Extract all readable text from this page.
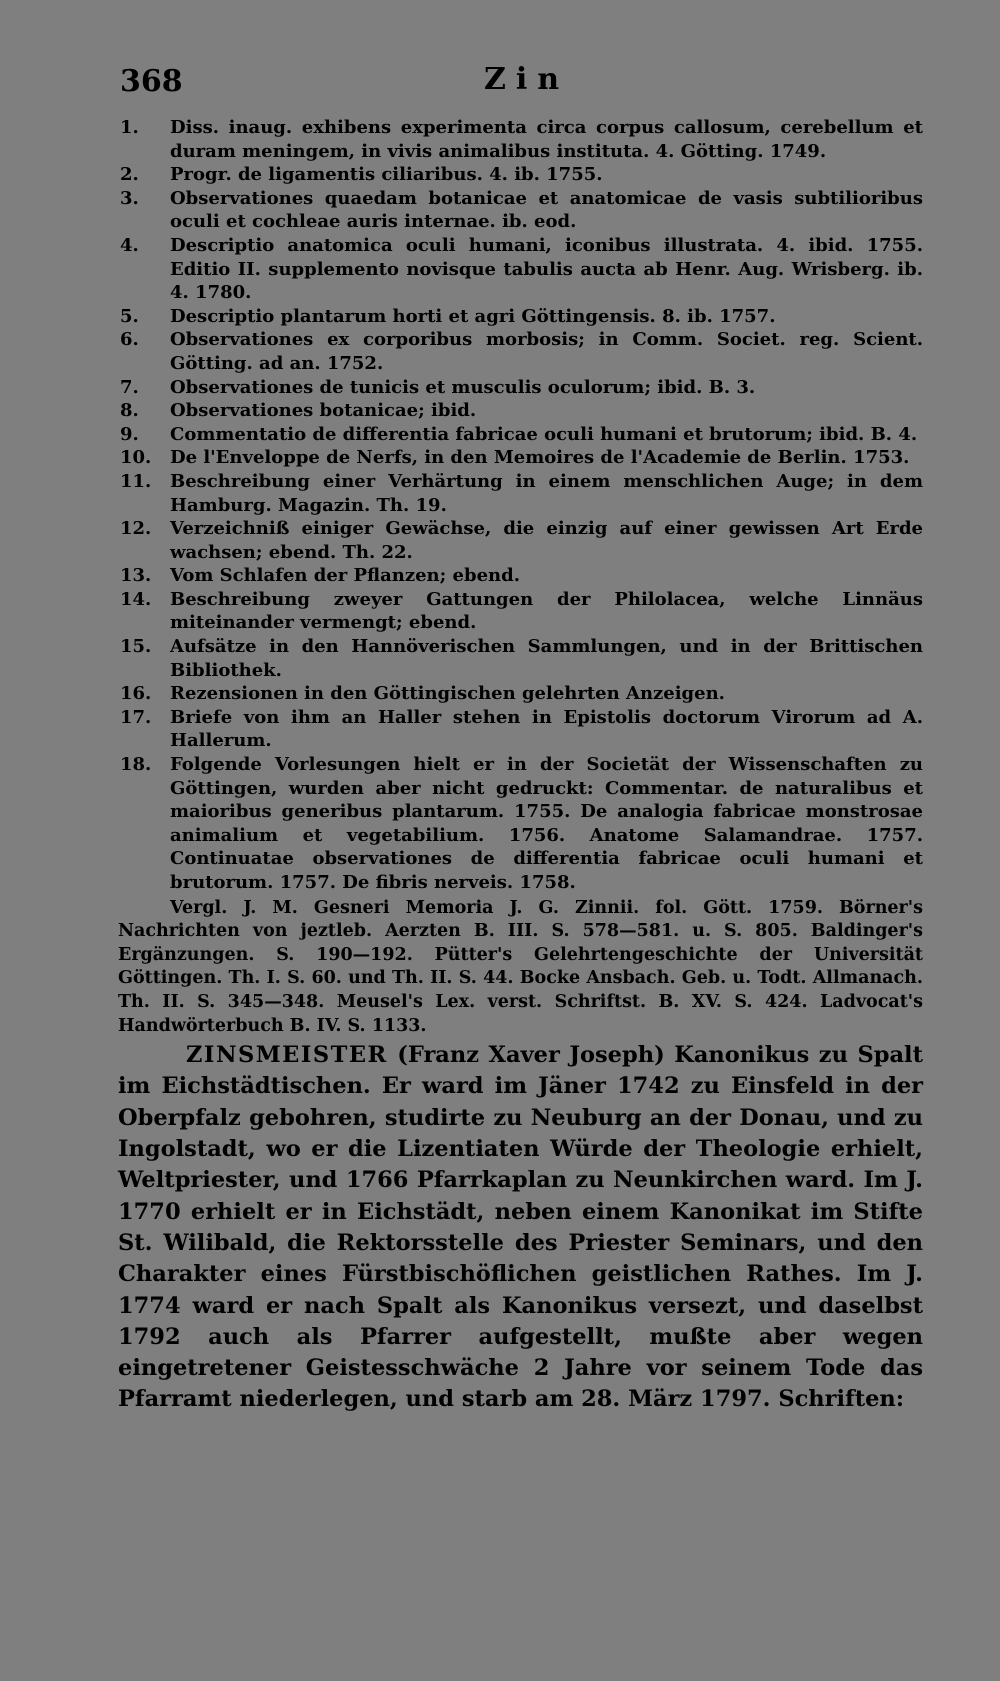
368	Zin
1.	Diss. inaug. exhibens experimenta circa corpus callosum, cerebellum et duram meningem, in vivis animalibus instituta. 4. Götting. 1749.
2.	Progr. de ligamentis ciliaribus. 4. ib. 1755.
3.	Observationes quaedam botanicae et anatomicae de vasis subtilioribus oculi et cochleae auris internae. ib. eod.
4.	Descriptio anatomica oculi humani, iconibus illustrata. 4. ibid. 1755. Editio II. supplemento novisque tabulis aucta ab Henr. Aug. Wrisberg. ib. 4. 1780.
5.	Descriptio plantarum horti et agri Göttingensis. 8. ib. 1757.
6.	Observationes ex corporibus morbosis; in Comm. Societ. reg. Scient. Götting. ad an. 1752.
7.	Observationes de tunicis et musculis oculorum; ibid. B. 3.
8.	Observationes botanicae; ibid.
9.	Commentatio de differentia fabricae oculi humani et brutorum; ibid. B. 4.
10.	De l'Enveloppe de Nerfs, in den Memoires de l'Academie de Berlin. 1753.
11.	Beschreibung einer Verhärtung in einem menschlichen Auge; in dem Hamburg. Magazin. Th. 19.
12.	Verzeichniß einiger Gewächse, die einzig auf einer gewissen Art Erde wachsen; ebend. Th. 22.
13.	Vom Schlafen der Pflanzen; ebend.
14.	Beschreibung zweyer Gattungen der Philolacea, welche Linnäus miteinander vermengt; ebend.
15.	Aufsätze in den Hannöverischen Sammlungen, und in der Brittischen Bibliothek.
16.	Rezensionen in den Göttingischen gelehrten Anzeigen.
17.	Briefe von ihm an Haller stehen in Epistolis doctorum Virorum ad A. Hallerum.
18.	Folgende Vorlesungen hielt er in der Societät der Wissenschaften zu Göttingen, wurden aber nicht gedruckt: Commentar. de naturalibus et maioribus generibus plantarum. 1755. De analogia fabricae monstrosae animalium et vegetabilium. 1756. Anatome Salamandrae. 1757. Continuatae observationes de differentia fabricae oculi humani et brutorum. 1757. De fibris nerveis. 1758.
Vergl. J. M. Gesneri Memoria J. G. Zinnii. fol. Gött. 1759. Börner's Nachrichten von jeztleb. Aerzten B. III. S. 578—581. u. S. 805. Baldinger's Ergänzungen. S. 190—192. Pütter's Gelehrtengeschichte der Universität Göttingen. Th. I. S. 60. und Th. II. S. 44. Bocke Ansbach. Geb. u. Todt. Allmanach. Th. II. S. 345—348. Meusel's Lex. verst. Schriftst. B. XV. S. 424. Ladvocat's Handwörterbuch B. IV. S. 1133.
ZINSMEISTER (Franz Xaver Joseph) Kanonikus zu Spalt im Eichstädtischen. Er ward im Jäner 1742 zu Einsfeld in der Oberpfalz gebohren, studirte zu Neuburg an der Donau, und zu Ingolstadt, wo er die Lizentiaten Würde der Theologie erhielt, Weltpriester, und 1766 Pfarrkaplan zu Neunkirchen ward. Im J. 1770 erhielt er in Eichstädt, neben einem Kanonikat im Stifte St. Wilibald, die Rektorsstelle des Priester Seminars, und den Charakter eines Fürstbischöflichen geistlichen Rathes. Im J. 1774 ward er nach Spalt als Kanonikus versezt, und daselbst 1792 auch als Pfarrer aufgestellt, mußte aber wegen eingetretener Geistesschwäche 2 Jahre vor seinem Tode das Pfarramt niederlegen, und starb am 28. März 1797. Schriften:
